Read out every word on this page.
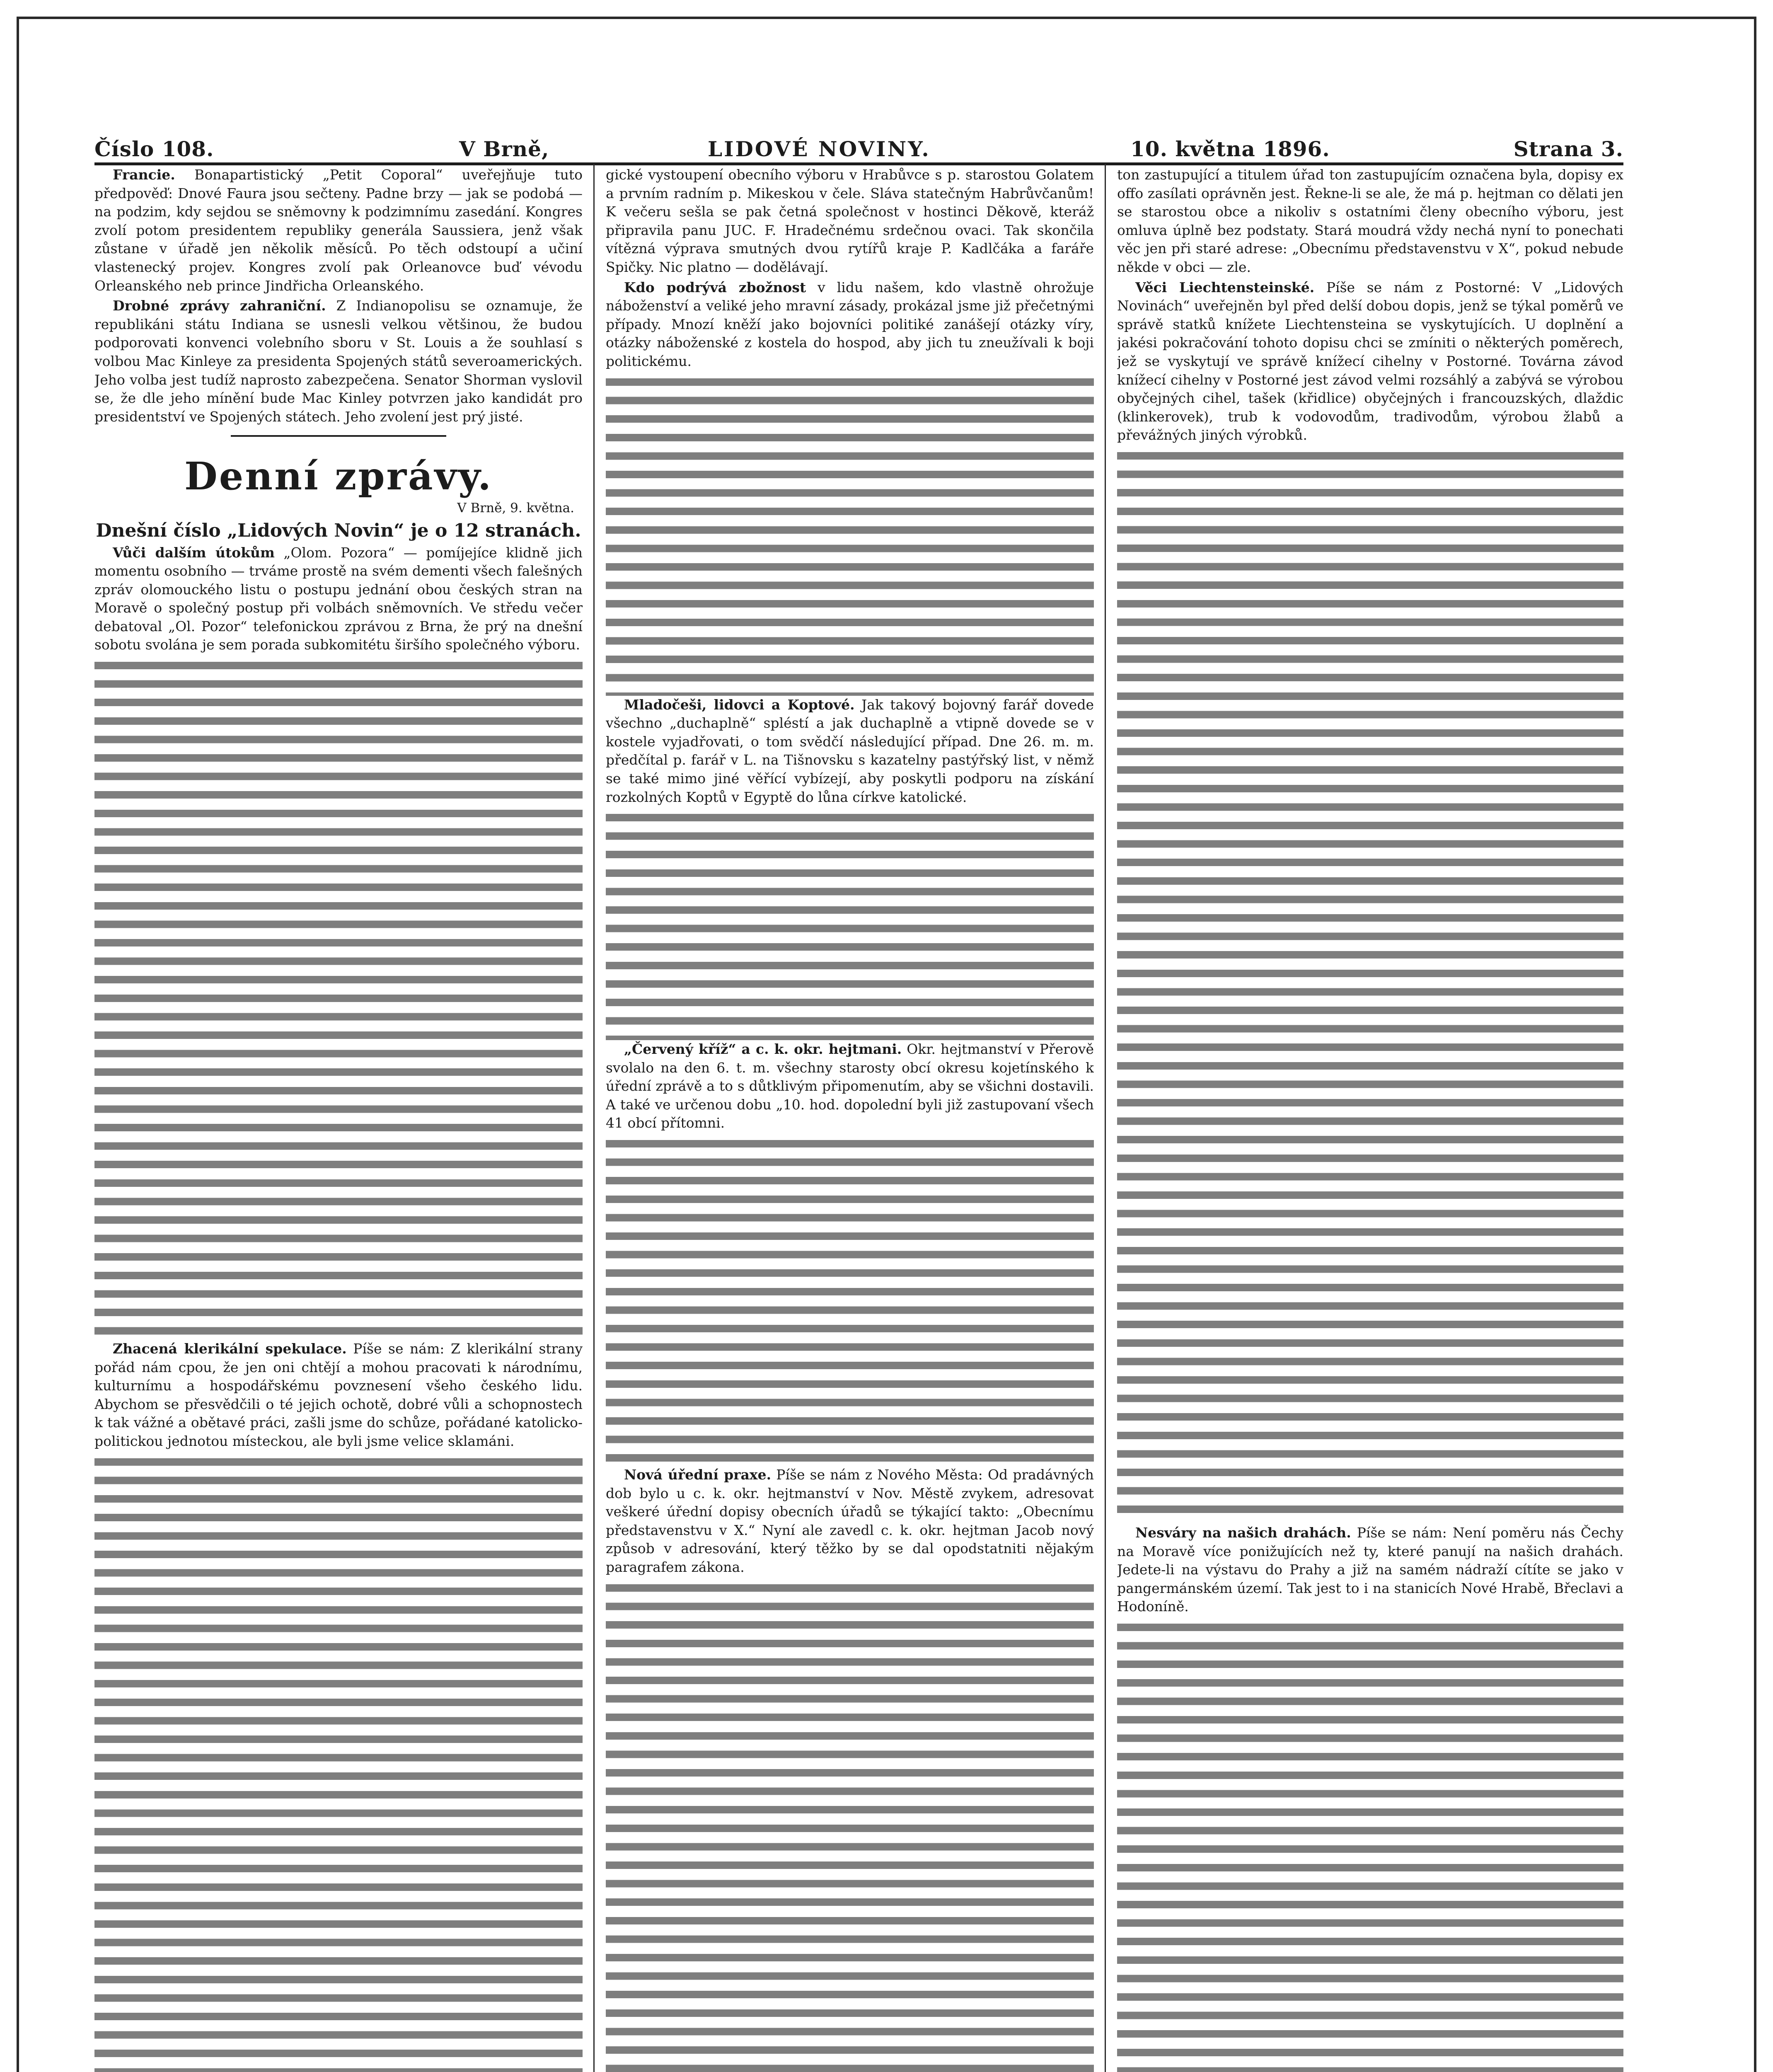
Číslo 108.	V Brně,	LIDOVÉ NOVINY.	10. května 1896.	Strana 3.

Francie. Bonapartistický „Petit Coporal“ uveřejňuje tuto předpověď: Dnové Faura jsou sečteny. Padne brzy — jak se podobá — na podzim, kdy sejdou se sněmovny k podzimnímu zasedání. Kongres zvolí potom presidentem republiky generála Saussiera, jenž však zůstane v úřadě jen několik měsíců. Po těch odstoupí a učiní vlastenecký projev. Kongres zvolí pak Orleanovce buď vévodu Orleanského neb prince Jindřicha Orleanského.

Drobné zprávy zahraniční. Z Indianopolisu se oznamuje, že republikáni státu Indiana se usnesli velkou většinou, že budou podporovati konvenci volebního sboru v St. Louis a že souhlasí s volbou Mac Kinleye za presidenta Spojených států severoamerických. Jeho volba jest tudíž naprosto zabezpečena. Senator Shorman vyslovil se, že dle jeho mínění bude Mac Kinley potvrzen jako kandidát pro presidentství ve Spojených státech. Jeho zvolení jest prý jisté.

Denní zprávy.
V Brně, 9. května.

Dnešní číslo „Lidových Novin“ je o 12 stranách.

Vůči dalším útokům „Olom. Pozora“ — pomíjejíce klidně jich momentu osobního — trváme prostě na svém dementi všech falešných zpráv olomouckého listu o postupu jednání obou českých stran na Moravě o společný postup při volbách sněmovních. Ve středu večer debatoval „Ol. Pozor“ telefonickou zprávou z Brna, že prý na dnešní sobotu svolána je sem porada subkomitétu širšího společného výboru.

Zhacená klerikální spekulace. Píše se nám: Z klerikální strany pořád nám cpou, že jen oni chtějí a mohou pracovati k národnímu, kulturnímu a hospodářskému povznesení všeho českého lidu. Abychom se přesvědčili o té jejich ochotě, dobré vůli a schopnostech k tak vážné a obětavé práci, zašli jsme do schůze, pořádané katolicko-politickou jednotou místeckou, ale byli jsme velice sklamáni.

gické vystoupení obecního výboru v Hrabůvce s p. starostou Golatem a prvním radním p. Mikeskou v čele. Sláva statečným Habrůvčanům! K večeru sešla se pak četná společnost v hostinci Děkově, kteráž připravila panu JUC. F. Hradečnému srdečnou ovaci. Tak skončila vítězná výprava smutných dvou rytířů kraje P. Kadlčáka a faráře Spičky. Nic platno — dodělávají.

Kdo podrývá zbožnost v lidu našem, kdo vlastně ohrožuje náboženství a veliké jeho mravní zásady, prokázal jsme již přečetnými případy. Mnozí kněží jako bojovníci politiké zanášejí otázky víry, otázky náboženské z kostela do hospod, aby jich tu zneužívali k boji politickému.

Mladočeši, lidovci a Koptové. Jak takový bojovný farář dovede všechno „duchaplně“ spléstí a jak duchaplně a vtipně dovede se v kostele vyjadřovati, o tom svědčí následující případ. Dne 26. m. m. předčítal p. farář v L. na Tišnovsku s kazatelny pastýřský list, v němž se také mimo jiné věřící vybízejí, aby poskytli podporu na získání rozkolných Koptů v Egyptě do lůna církve katolické.

„Červený kříž“ a c. k. okr. hejtmani. Okr. hejtmanství v Přerově svolalo na den 6. t. m. všechny starosty obcí okresu kojetínského k úřední zprávě a to s důtklivým připomenutím, aby se všichni dostavili. A také ve určenou dobu „10. hod. dopolední byli již zastupovaní všech 41 obcí přítomni.

Nová úřední praxe. Píše se nám z Nového Města: Od pradávných dob bylo u c. k. okr. hejtmanství v Nov. Městě zvykem, adresovat veškeré úřední dopisy obecních úřadů se týkající takto: „Obecnímu představenstvu v X.“ Nyní ale zavedl c. k. okr. hejtman Jacob nový způsob v adresování, který těžko by se dal opodstatniti nějakým paragrafem zákona.

ton zastupující a titulem úřad ton zastupujícím označena byla, dopisy ex offo zasílati oprávněn jest. Řekne-li se ale, že má p. hejtman co dělati jen se starostou obce a nikoliv s ostatními členy obecního výboru, jest omluva úplně bez podstaty. Stará moudrá vždy nechá nyní to ponechati věc jen při staré adrese: „Obecnímu představenstvu v X“, pokud nebude někde v obci — zle.

Věci Liechtensteinské. Píše se nám z Postorné: V „Lidových Novinách“ uveřejněn byl před delší dobou dopis, jenž se týkal poměrů ve správě statků knížete Liechtensteina se vyskytujících. U doplnění a jakési pokračování tohoto dopisu chci se zmíniti o některých poměrech, jež se vyskytují ve správě knížecí cihelny v Postorné. Továrna závod knížecí cihelny v Postorné jest závod velmi rozsáhlý a zabývá se výrobou obyčejných cihel, tašek (křidlice) obyčejných i francouzských, dlaždic (klinkerovek), trub k vodovodům, tradivodům, výrobou žlabů a převážných jiných výrobků.

Nesváry na našich drahách. Píše se nám: Není poměru nás Čechy na Moravě více ponižujících než ty, které panují na našich drahách. Jedete-li na výstavu do Prahy a již na samém nádraží cítíte se jako v pangermánském území. Tak jest to i na stanicích Nové Hrabě, Břeclavi a Hodoníně.
